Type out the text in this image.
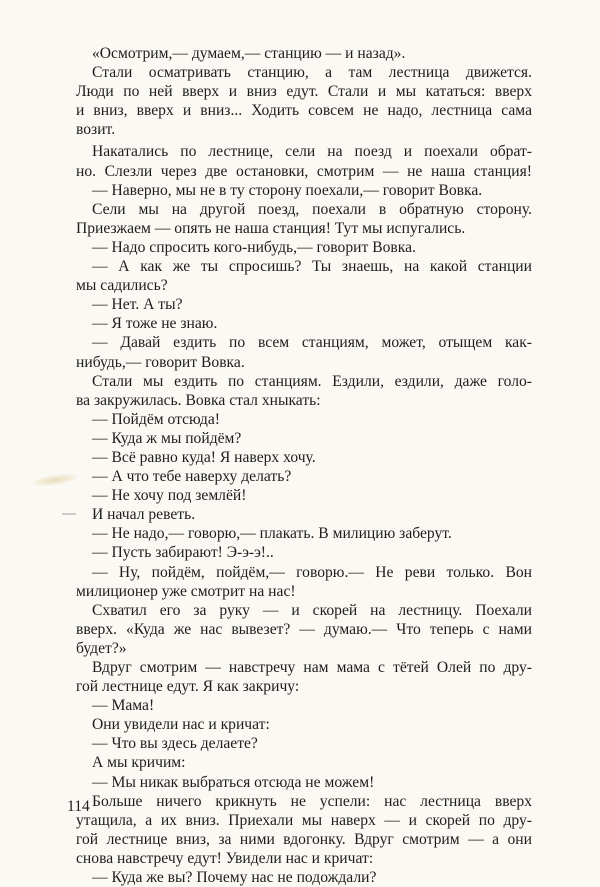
«Осмотрим,— думаем,— станцию — и назад».
Стали осматривать станцию, а там лестница движется.
Люди по ней вверх и вниз едут. Стали и мы кататься: вверх
и вниз, вверх и вниз... Ходить совсем не надо, лестница сама
возит.
Накатались по лестнице, сели на поезд и поехали обрат-
но. Слезли через две остановки, смотрим — не наша станция!
— Наверно, мы не в ту сторону поехали,— говорит Вовка.
Сели мы на другой поезд, поехали в обратную сторону.
Приезжаем — опять не наша станция! Тут мы испугались.
— Надо спросить кого-нибудь,— говорит Вовка.
— А как же ты спросишь? Ты знаешь, на какой станции
мы садились?
— Нет. А ты?
— Я тоже не знаю.
— Давай ездить по всем станциям, может, отыщем как-
нибудь,— говорит Вовка.
Стали мы ездить по станциям. Ездили, ездили, даже голо-
ва закружилась. Вовка стал хныкать:
— Пойдём отсюда!
— Куда ж мы пойдём?
— Всё равно куда! Я наверх хочу.
— А что тебе наверху делать?
— Не хочу под землёй!
И начал реветь.
— Не надо,— говорю,— плакать. В милицию заберут.
— Пусть забирают! Э-э-э!..
— Ну, пойдём, пойдём,— говорю.— Не реви только. Вон
милиционер уже смотрит на нас!
Схватил его за руку — и скорей на лестницу. Поехали
вверх. «Куда же нас вывезет? — думаю.— Что теперь с нами
будет?»
Вдруг смотрим — навстречу нам мама с тётей Олей по дру-
гой лестнице едут. Я как закричу:
— Мама!
Они увидели нас и кричат:
— Что вы здесь делаете?
А мы кричим:
— Мы никак выбраться отсюда не можем!
Больше ничего крикнуть не успели: нас лестница вверх
утащила, а их вниз. Приехали мы наверх — и скорей по дру-
гой лестнице вниз, за ними вдогонку. Вдруг смотрим — а они
снова навстречу едут! Увидели нас и кричат:
— Куда же вы? Почему нас не подождали?
114
